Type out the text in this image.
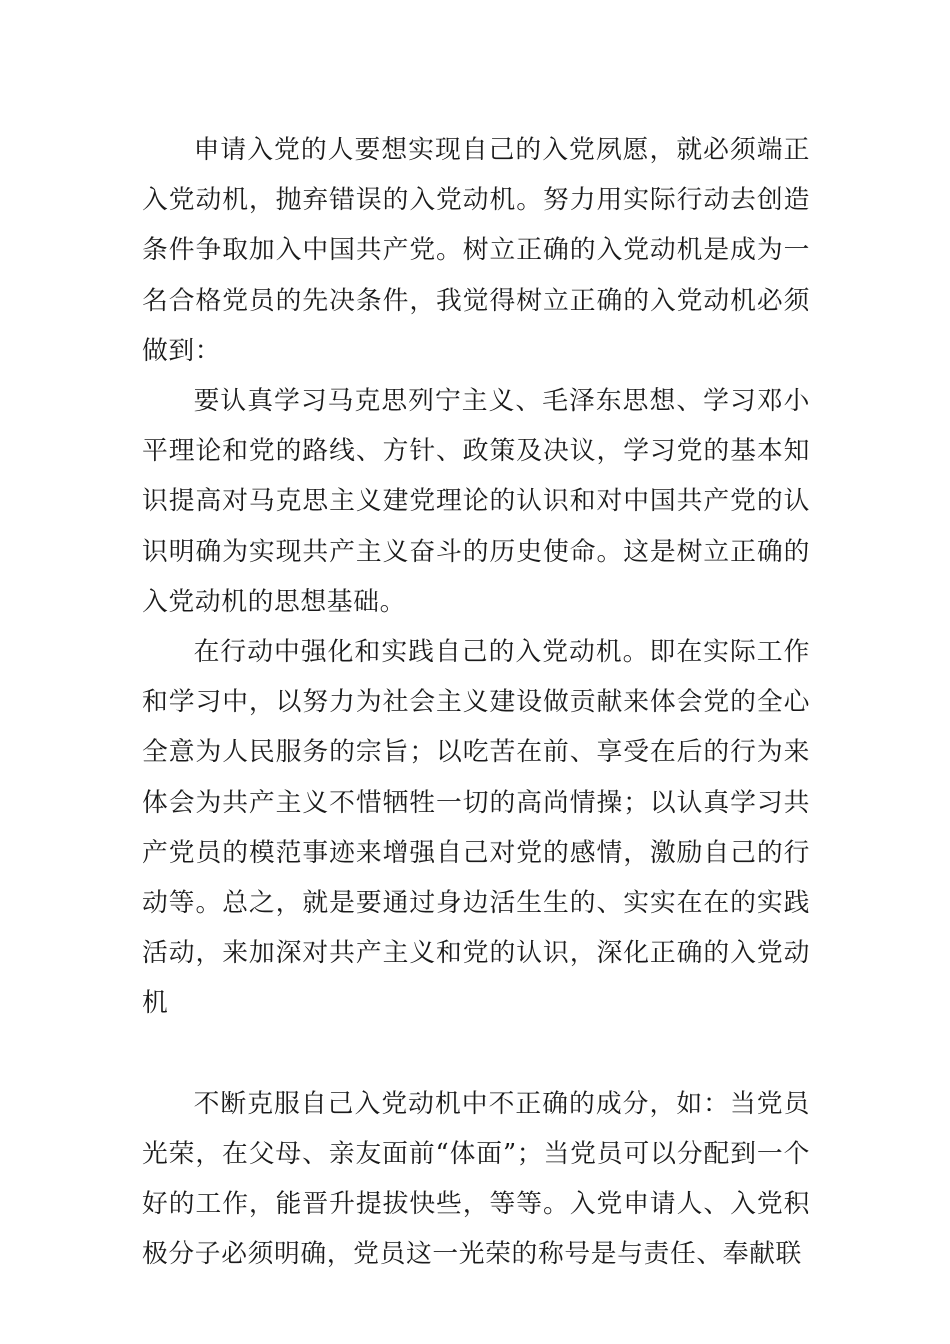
申请入党的人要想实现自己的入党夙愿，就必须端正入党动机，抛弃错误的入党动机。努力用实际行动去创造条件争取加入中国共产党。树立正确的入党动机是成为一名合格党员的先决条件，我觉得树立正确的入党动机必须做到：

要认真学习马克思列宁主义、毛泽东思想、学习邓小平理论和党的路线、方针、政策及决议，学习党的基本知识提高对马克思主义建党理论的认识和对中国共产党的认识明确为实现共产主义奋斗的历史使命。这是树立正确的入党动机的思想基础。

在行动中强化和实践自己的入党动机。即在实际工作和学习中，以努力为社会主义建设做贡献来体会党的全心全意为人民服务的宗旨；以吃苦在前、享受在后的行为来体会为共产主义不惜牺牲一切的高尚情操；以认真学习共产党员的模范事迹来增强自己对党的感情，激励自己的行动等。总之，就是要通过身边活生生的、实实在在的实践活动，来加深对共产主义和党的认识，深化正确的入党动机

不断克服自己入党动机中不正确的成分，如：当党员光荣，在父母、亲友面前“体面”；当党员可以分配到一个好的工作，能晋升提拔快些，等等。入党申请人、入党积极分子必须明确，党员这一光荣的称号是与责任、奉献联
